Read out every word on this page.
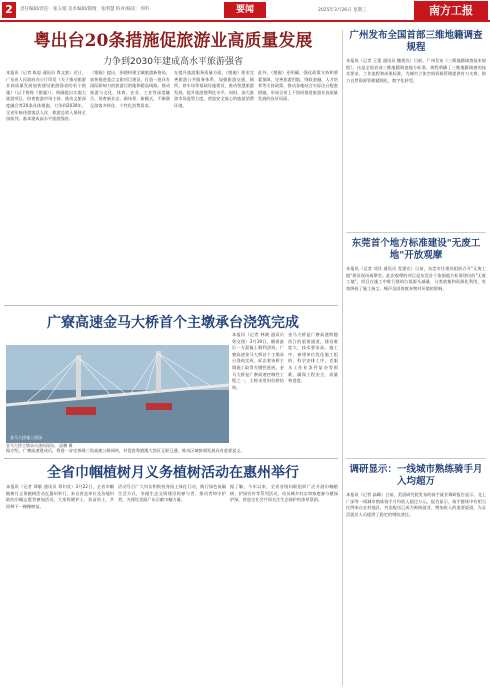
2	责任编辑/责任：张玉娟 美术编辑/制图：张明慧 校对/核读：李明	要闻	2025年3月26日 星期三	南方工报
粤出台20条措施促旅游业高质量发展
力争到2030年建成高水平旅游强省
本报讯（记者 陈思 通讯员 粤文旅）近日，广东省人民政府办公厅印发《关于推动旅游业高质量发展加快建设旅游强省的若干措施》（以下简称《措施》），明确提出实施大旅游项目、培育旅游市场主体、推动文旅深度融合等20条具体措施，力争到2030年，全省年接待游客总人次、旅游总收入保持全国前列，基本建成高水平旅游强省。
《措施》提出，围绕构建全域旅游新格局，加快推进重点文旅项目建设，打造一批具有国际影响力的旅游目的地和精品线路。推动旅游与文化、体育、农业、工业等深度融合，培育新业态、新场景、新模式，不断满足游客多样化、个性化消费需求。
在提升旅游服务质量方面，《措施》要求完善旅游公共服务体系，加强旅游交通、厕所、停车场等基础设施建设，推动智慧旅游发展，提升旅游便利化水平。同时，加大旅游市场监管力度，营造安全放心的旅游消费环境。
此外，《措施》还明确，强化政策支持和要素保障，完善旅游用地、财政金融、人才培养等支持政策，推动各地结合实际出台配套措施，形成全省上下协同推进旅游业高质量发展的良好局面。
广寮高速金马大桥首个主墩承台浇筑完成
金马大桥施工现场
金马大桥主墩承台浇筑现场。 邱鹏 摄
本报讯（记者 林晓 通讯员 粤交建）3月19日，随着最后一方混凝土顺利浇筑，广寮高速金马大桥首个主墩承台浇筑完成，标志着该桥主墩施工取得关键性进展。金马大桥是广寮高速控制性工程之一，主跨采用斜拉桥结构。
金马大桥是广寮高速跨越西江的重要通道，建设难度大、技术要求高。施工中，参建单位优化施工组织，科学安排工序，克服水上作业条件复杂等困难，确保工程安全、质量和进度。
据介绍，广寮高速建成后，将进一步完善珠三角高速公路网络，对促进粤港澳大湾区互联互通、推动区域协调发展具有重要意义。
全省巾帼植树月义务植树活动在惠州举行
本报讯（记者 郑敏 通讯员 粤妇宣）3月22日，全省巾帼植树月义务植树活动在惠州举行，来自省直单位及各地妇联的巾帼志愿者参加活动，大家挥锹铲土、扶苗培土，共同种下一棵棵树苗。
活动号召广大妇女积极投身国土绿化行动，践行绿色低碳生活方式，争做生态文明建设的参与者、推动者和守护者，为建设美丽广东贡献巾帼力量。
据了解，今年以来，全省各级妇联组织广泛开展巾帼植树、护绿宣传等系列活动，动员城乡妇女和家庭参与植绿护绿，营造全社会共同关注生态保护的浓厚氛围。
广州发布全国首部三维地籍调查规程
本报讯（记者 王蕾 通讯员 穗规宣）日前，广州发布《三维地籍调查技术规程》，这是全国首部三维地籍调查地方标准。规程明确了三维地籍调查的技术要求、工作流程和成果标准，为城市立体空间资源管理提供有力支撑，助力自然资源管理精细化、数字化转型。
东莞首个地方标准建设"无废工地"开放观摩
本报讯（记者 刘洋 通讯员 莞建宣）日前，东莞市住建局组织召开"无废工地"建设现场观摩会。此次观摩的项目是东莞首个依据地方标准建设的"无废工地"，项目在施工中推行建筑垃圾源头减量、分类收集和资源化利用，有效降低了施工扬尘、噪声及固体废弃物对环境的影响。
调研显示：一线城市熟练骑手月入均超万
本报讯（记者 高峰）日前，美团研究院发布的骑手就业调研报告显示，北上广深等一线城市熟练骑手月均收入超过万元。报告显示，骑手群体中有相当比例来自农村地区，外卖配送已成为吸纳就业、增加收入的重要渠道，为灵活就业人员提供了稳定的增收途径。
